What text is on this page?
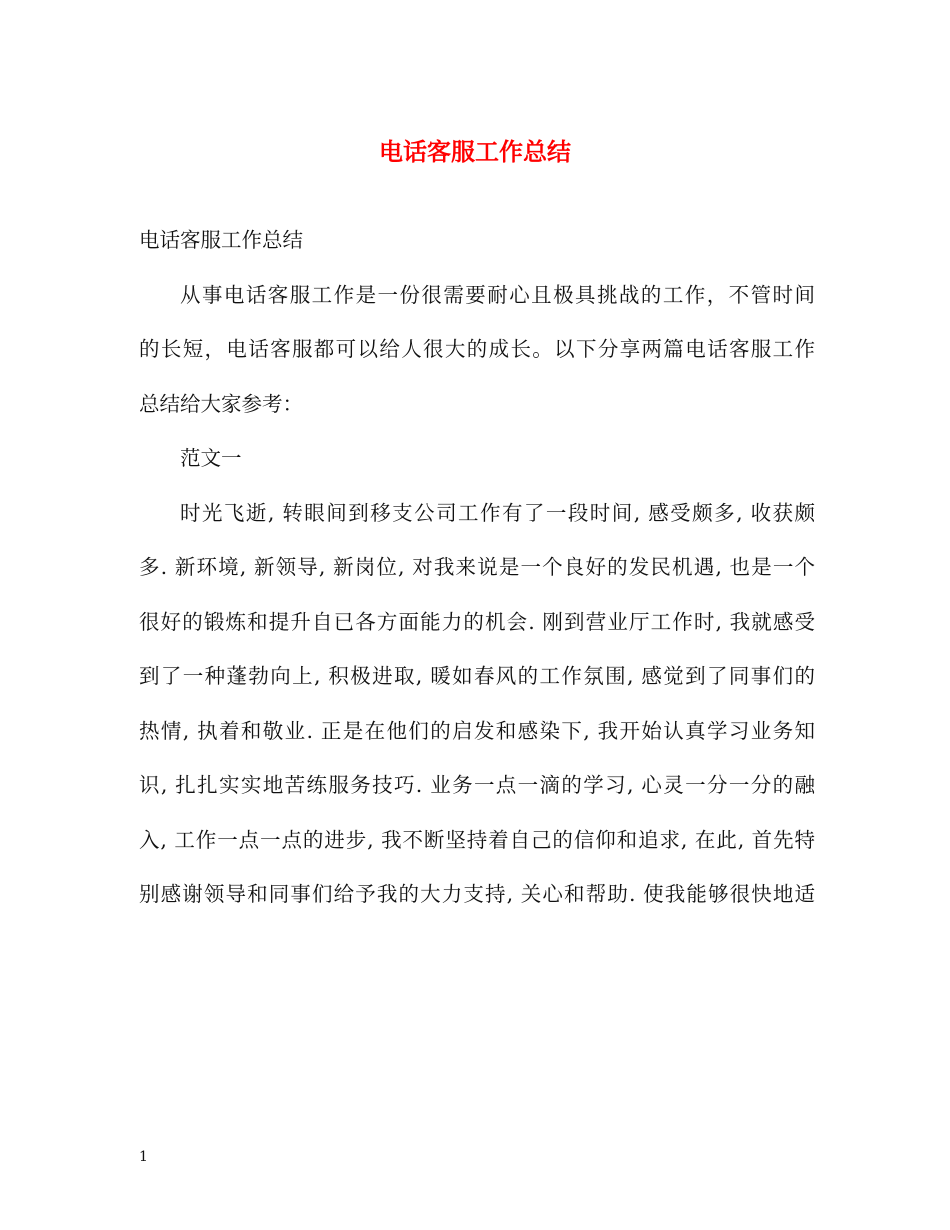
电话客服工作总结

电话客服工作总结

从事电话客服工作是一份很需要耐心且极具挑战的工作，不管时间
的长短，电话客服都可以给人很大的成长。以下分享两篇电话客服工作
总结给大家参考：

范文一

时光飞逝, 转眼间到移支公司工作有了一段时间, 感受颇多, 收获颇
多. 新环境, 新领导, 新岗位, 对我来说是一个良好的发民机遇, 也是一个
很好的锻炼和提升自已各方面能力的机会. 刚到营业厅工作时, 我就感受
到了一种蓬勃向上, 积极进取, 暖如春风的工作氛围, 感觉到了同事们的
热情, 执着和敬业. 正是在他们的启发和感染下, 我开始认真学习业务知
识, 扎扎实实地苦练服务技巧. 业务一点一滴的学习, 心灵一分一分的融
入, 工作一点一点的进步, 我不断坚持着自己的信仰和追求, 在此, 首先特
别感谢领导和同事们给予我的大力支持, 关心和帮助. 使我能够很快地适

1
